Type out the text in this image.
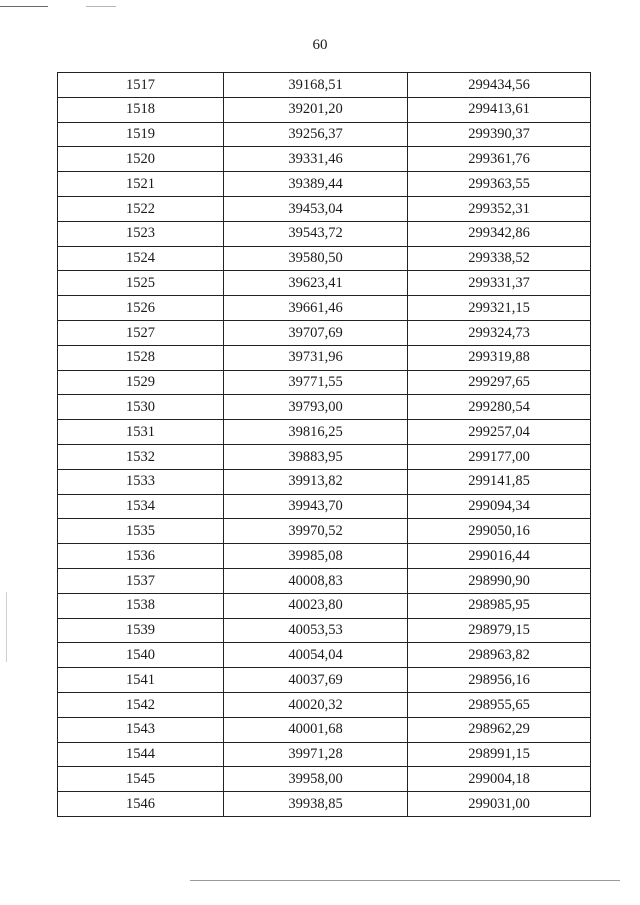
60
1517	39168,51	299434,56
1518	39201,20	299413,61
1519	39256,37	299390,37
1520	39331,46	299361,76
1521	39389,44	299363,55
1522	39453,04	299352,31
1523	39543,72	299342,86
1524	39580,50	299338,52
1525	39623,41	299331,37
1526	39661,46	299321,15
1527	39707,69	299324,73
1528	39731,96	299319,88
1529	39771,55	299297,65
1530	39793,00	299280,54
1531	39816,25	299257,04
1532	39883,95	299177,00
1533	39913,82	299141,85
1534	39943,70	299094,34
1535	39970,52	299050,16
1536	39985,08	299016,44
1537	40008,83	298990,90
1538	40023,80	298985,95
1539	40053,53	298979,15
1540	40054,04	298963,82
1541	40037,69	298956,16
1542	40020,32	298955,65
1543	40001,68	298962,29
1544	39971,28	298991,15
1545	39958,00	299004,18
1546	39938,85	299031,00
